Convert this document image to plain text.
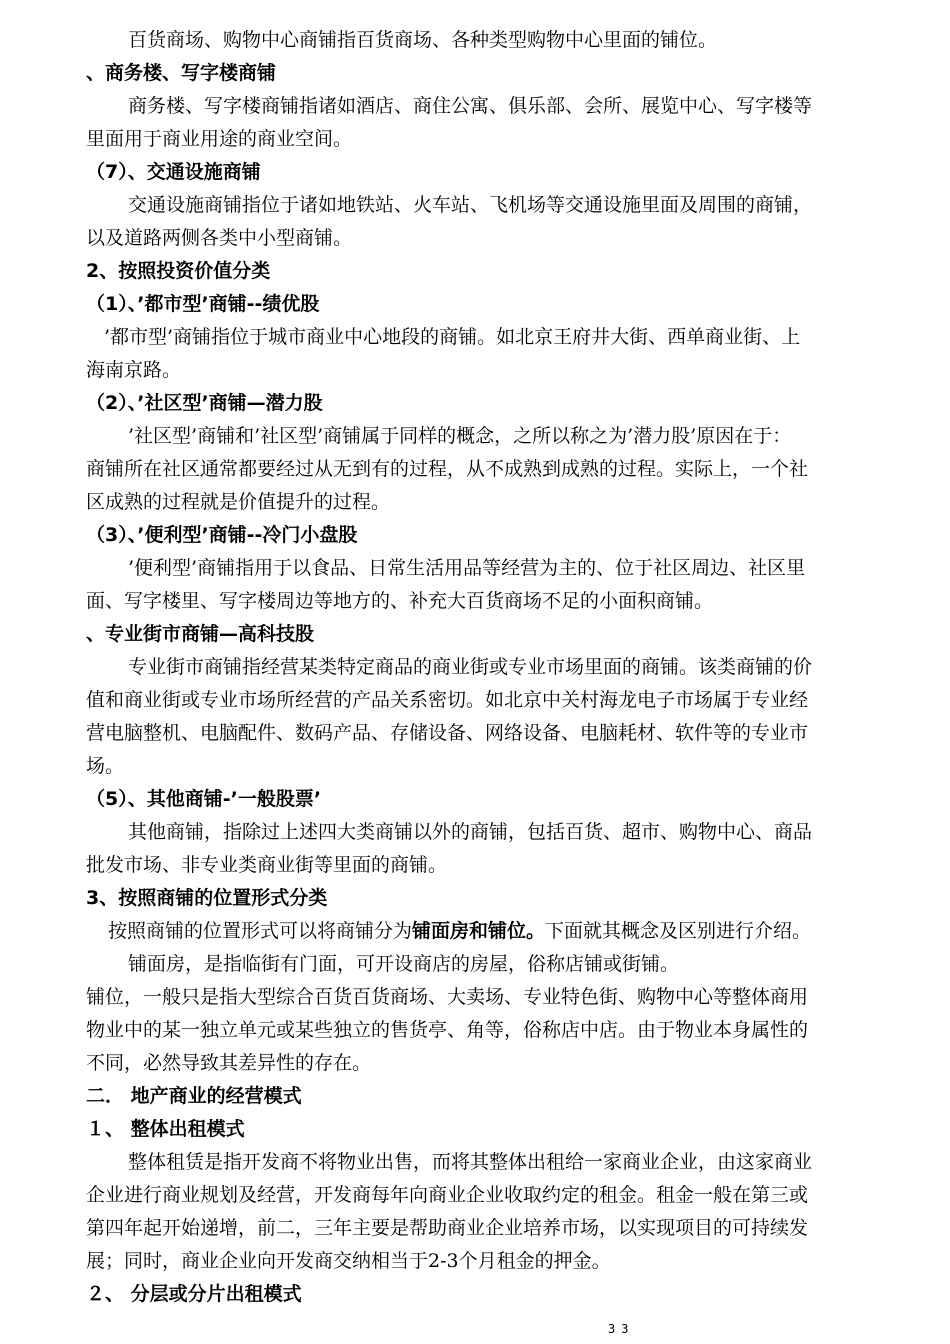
百货商场、购物中心商铺指百货商场、各种类型购物中心里面的铺位。
、商务楼、写字楼商铺
商务楼、写字楼商铺指诸如酒店、商住公寓、俱乐部、会所、展览中心、写字楼等
里面用于商业用途的商业空间。
（7）、交通设施商铺
交通设施商铺指位于诸如地铁站、火车站、飞机场等交通设施里面及周围的商铺，
以及道路两侧各类中小型商铺。
2、按照投资价值分类
（1）、’都市型’商铺--绩优股
’都市型’商铺指位于城市商业中心地段的商铺。如北京王府井大街、西单商业街、上
海南京路。
（2）、’社区型’商铺—潜力股
’社区型’商铺和’社区型’商铺属于同样的概念，之所以称之为’潜力股’原因在于：
商铺所在社区通常都要经过从无到有的过程，从不成熟到成熟的过程。实际上，一个社
区成熟的过程就是价值提升的过程。
（3）、’便利型’商铺--冷门小盘股
’便利型’商铺指用于以食品、日常生活用品等经营为主的、位于社区周边、社区里
面、写字楼里、写字楼周边等地方的、补充大百货商场不足的小面积商铺。
、专业街市商铺—高科技股
专业街市商铺指经营某类特定商品的商业街或专业市场里面的商铺。该类商铺的价
值和商业街或专业市场所经营的产品关系密切。如北京中关村海龙电子市场属于专业经
营电脑整机、电脑配件、数码产品、存储设备、网络设备、电脑耗材、软件等的专业市
场。
（5）、其他商铺-’一般股票’
其他商铺，指除过上述四大类商铺以外的商铺，包括百货、超市、购物中心、商品
批发市场、非专业类商业街等里面的商铺。
3、按照商铺的位置形式分类
按照商铺的位置形式可以将商铺分为铺面房和铺位。下面就其概念及区别进行介绍。
铺面房，是指临街有门面，可开设商店的房屋，俗称店铺或街铺。
铺位，一般只是指大型综合百货百货商场、大卖场、专业特色街、购物中心等整体商用
物业中的某一独立单元或某些独立的售货亭、角等，俗称店中店。由于物业本身属性的
不同，必然导致其差异性的存在。
二． 地产商业的经营模式
１、 整体出租模式
整体租赁是指开发商不将物业出售，而将其整体出租给一家商业企业，由这家商业
企业进行商业规划及经营，开发商每年向商业企业收取约定的租金。租金一般在第三或
第四年起开始递增，前二，三年主要是帮助商业企业培养市场，以实现项目的可持续发
展；同时，商业企业向开发商交纳相当于2-3个月租金的押金。
２、 分层或分片出租模式
33
